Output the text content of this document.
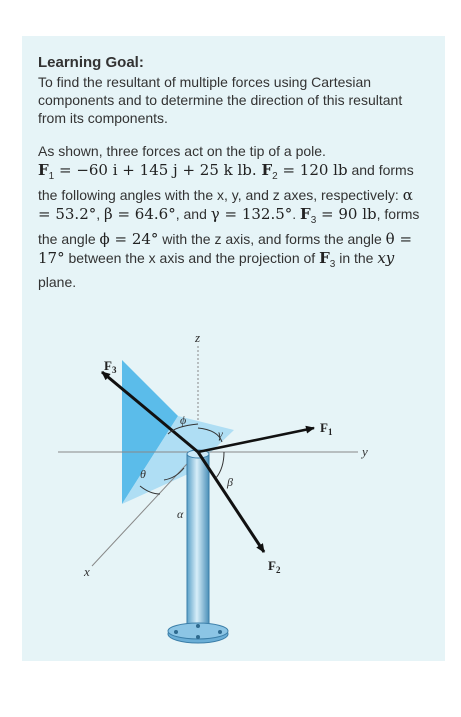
Learning Goal:
To find the resultant of multiple forces using Cartesian components and to determine the direction of this resultant from its components.
As shown, three forces act on the tip of a pole.
$F_1 = -60$ i + 145 j + 25 k lb. $F_2 = 120$ lb and forms the following angles with the x, y, and z axes, respectively: α = 53.2°, β = 64.6°, and γ = 132.5°. $F_3 = 90$ lb, forms the angle ϕ = 24° with the z axis, and forms the angle θ = 17° between the x axis and the projection of $F_3$ in the xy plane.
z
y
x
$F_3$
$F_1$
$F_2$
ϕ
γ
θ
α
β
